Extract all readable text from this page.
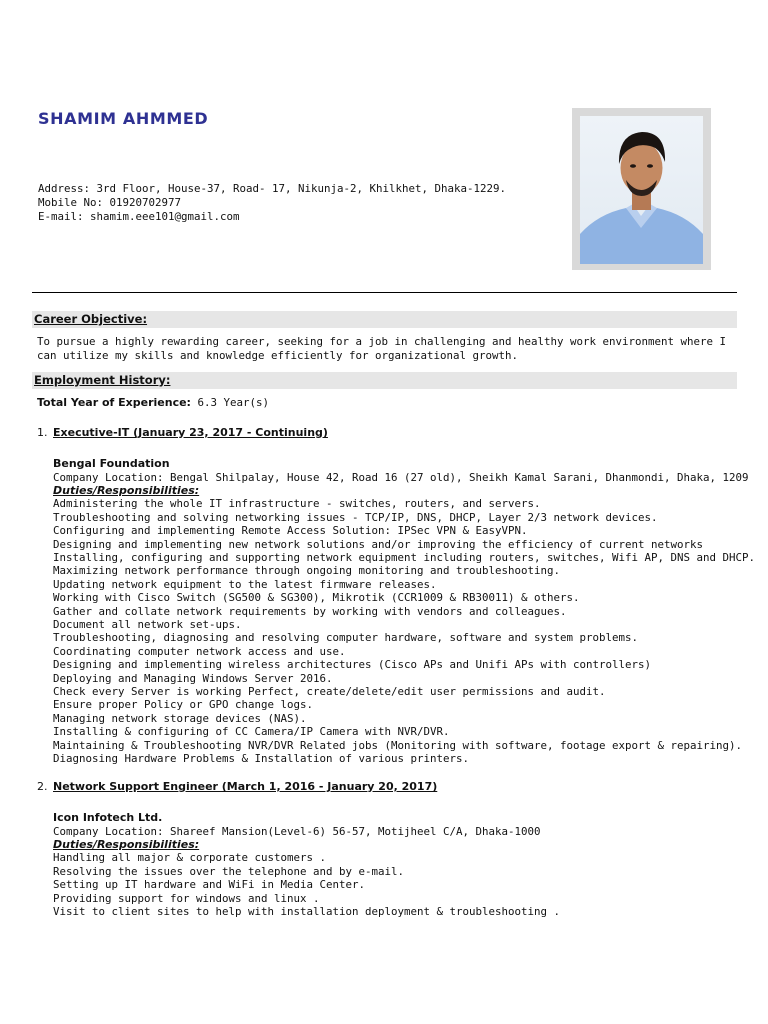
SHAMIM AHMMED
Address: 3rd Floor, House-37, Road- 17, Nikunja-2, Khilkhet, Dhaka-1229.
Mobile No: 01920702977
E-mail: shamim.eee101@gmail.com
Career Objective:
To pursue a highly rewarding career, seeking for a job in challenging and healthy work environment where I can utilize my skills and knowledge efficiently for organizational growth.
Employment History:
Total Year of Experience: 6.3 Year(s)
1. Executive-IT (January 23, 2017 - Continuing)
Bengal Foundation
Company Location: Bengal Shilpalay, House 42, Road 16 (27 old), Sheikh Kamal Sarani, Dhanmondi, Dhaka, 1209
Duties/Responsibilities:
Administering the whole IT infrastructure - switches, routers, and servers.
Troubleshooting and solving networking issues - TCP/IP, DNS, DHCP, Layer 2/3 network devices.
Configuring and implementing Remote Access Solution: IPSec VPN & EasyVPN.
Designing and implementing new network solutions and/or improving the efficiency of current networks
Installing, configuring and supporting network equipment including routers, switches, Wifi AP, DNS and DHCP.
Maximizing network performance through ongoing monitoring and troubleshooting.
Updating network equipment to the latest firmware releases.
Working with Cisco Switch (SG500 & SG300), Mikrotik (CCR1009 & RB30011) & others.
Gather and collate network requirements by working with vendors and colleagues.
Document all network set-ups.
Troubleshooting, diagnosing and resolving computer hardware, software and system problems.
Coordinating computer network access and use.
Designing and implementing wireless architectures (Cisco APs and Unifi APs with controllers)
Deploying and Managing Windows Server 2016.
Check every Server is working Perfect, create/delete/edit user permissions and audit.
Ensure proper Policy or GPO change logs.
Managing network storage devices (NAS).
Installing & configuring of CC Camera/IP Camera with NVR/DVR.
Maintaining & Troubleshooting NVR/DVR Related jobs (Monitoring with software, footage export & repairing).
Diagnosing Hardware Problems & Installation of various printers.
2. Network Support Engineer (March 1, 2016 - January 20, 2017)
Icon Infotech Ltd.
Company Location: Shareef Mansion(Level-6) 56-57, Motijheel C/A, Dhaka-1000
Duties/Responsibilities:
Handling all major & corporate customers .
Resolving the issues over the telephone and by e-mail.
Setting up IT hardware and WiFi in Media Center.
Providing support for windows and linux .
Visit to client sites to help with installation deployment & troubleshooting .
